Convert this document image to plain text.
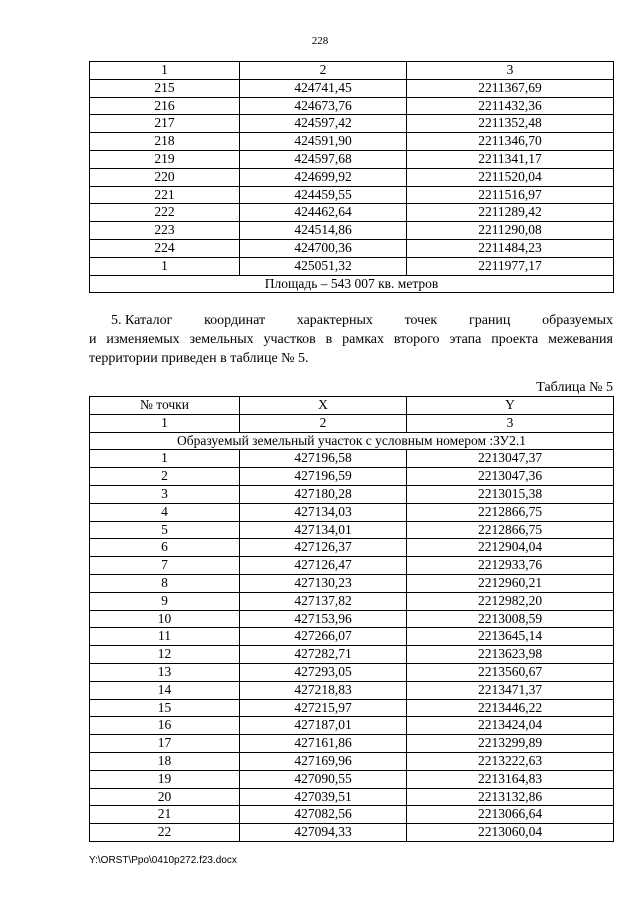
228
1	2	3
215	424741,45	2211367,69
216	424673,76	2211432,36
217	424597,42	2211352,48
218	424591,90	2211346,70
219	424597,68	2211341,17
220	424699,92	2211520,04
221	424459,55	2211516,97
222	424462,64	2211289,42
223	424514,86	2211290,08
224	424700,36	2211484,23
1	425051,32	2211977,17
Площадь – 543 007 кв. метров		
5. Каталог координат характерных точек границ образуемых
и изменяемых земельных участков в рамках второго этапа проекта межевания
территории приведен в таблице № 5.
Таблица № 5
№ точки	X	Y
1	2	3
Образуемый земельный участок с условным номером :ЗУ2.1		
1	427196,58	2213047,37
2	427196,59	2213047,36
3	427180,28	2213015,38
4	427134,03	2212866,75
5	427134,01	2212866,75
6	427126,37	2212904,04
7	427126,47	2212933,76
8	427130,23	2212960,21
9	427137,82	2212982,20
10	427153,96	2213008,59
11	427266,07	2213645,14
12	427282,71	2213623,98
13	427293,05	2213560,67
14	427218,83	2213471,37
15	427215,97	2213446,22
16	427187,01	2213424,04
17	427161,86	2213299,89
18	427169,96	2213222,63
19	427090,55	2213164,83
20	427039,51	2213132,86
21	427082,56	2213066,64
22	427094,33	2213060,04
Y:\ORST\Ppo\0410p272.f23.docx
